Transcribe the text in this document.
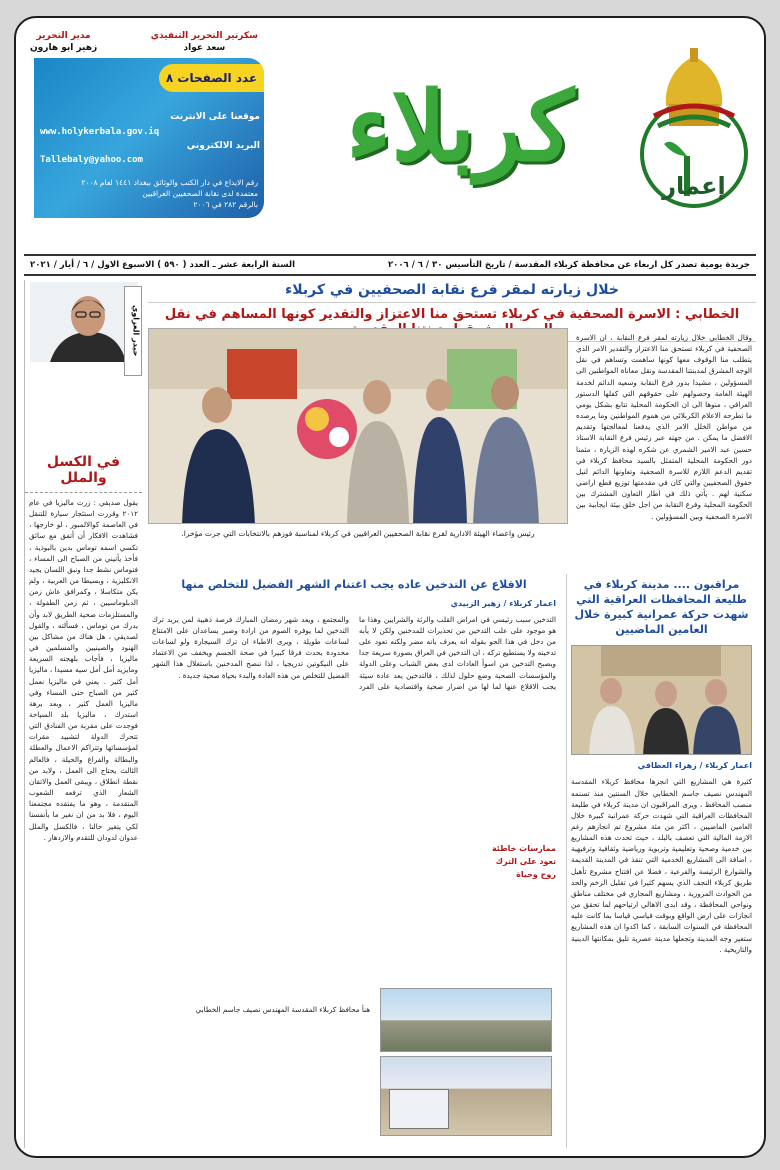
سكرتير التحرير التنفيذي
سعد عواد
مدير التحرير
زهير ابو هارون
عدد الصفحات ٨
موقعنا على الانترنت
www.holykerbala.gov.iq
البريد الالكتروني
Tallebaly@yahoo.com
رقم الايداع في دار الكتب والوثائق ببغداد ١٤٤١ لعام ٢٠٠٨
معتمدة لدى نقابة الصحفيين العراقيين
بالرقم ٢٨٢ في ٢٠٠٦
كربلاء
إعمار
جريدة يومية تصدر كل اربعاء عن محافظة كربلاء المقدسة / تاريخ التأسيس ٣٠ / ٦ / ٢٠٠٦
السنة الرابعة عشر ـ العدد ( ٥٩٠ ) الاسبوع الاول / ٦ / أيار / ٢٠٢١
حيدر العزاوي
في الكسل والملل

يقول صديقي : زرت ماليزيا في عام ٢٠١٢ وقررت استئجار سيارة للتنقل في العاصمة كوالالمبور ، لو خارجها ، فشاهدت الافكار أن أتفق مع سائق تكسي اسمه توماس بدين بالبوذية ، فأخذ يأتيني من الصباح الى المساء ، فتوماس نشط جدا ونبق اللسان يجيد الانكليزية ، وبسيطا من العربية ، ولم يكن متكاسلا ، وكمرافق عاش زمن الدبلوماسيين ، ثم زمن الطفولة ، والمستلزمات صحية الطريق لابد وأن يدرك من توماس ، فسألته ، والقول لصديقي ، هل هناك من مشاكل بين الهنود والصينيين والمسلمين في ماليزيا ، فأجاب بلهجته السريعة ومايزيد أمل أمل سيه مسيدا ، ماليزيا أمل كثير . يعني في ماليزيا نعمل كثير من الصباح حتى المساء وفي ماليزيا العمل كثير ، وبعد برهة استدرك ، ماليزيا بلد السياحة فوجدت على مقربة من الفنادق التي تتحرك الدولة لتشييد مقرات لمؤسساتها وتتراكم الاعمال والعطلة والبطالة والفراغ والحيلة ، فالعالم الثالث يحتاج الى العمل ، ولابد من نقطة انطلاق ، ويبقى العمل والاتقان الشعار الذي ترفعه الشعوب المتقدمة ، وهو ما يفتقده مجتمعنا اليوم ، فلا بد من ان نغير ما بأنفسنا لكي يتغير حالنا ، فالكسل والملل عدوان لدودان للتقدم والازدهار .

خلال زيارته لمقر فرع نقابة الصحفيين في كربلاء
الخطابي : الاسرة الصحفية في كربلاء تستحق منا الاعتزاز والتقدير كونها المساهم في نقل

وقال الخطابي خلال زيارته لمقر فرع النقابة ، ان الاسرة الصحفية في كربلاء تستحق منا الاعتزاز والتقدير الامر الذي يتطلب منا الوقوف معها كونها ساهمت وتساهم في نقل الوجه المشرق لمدينتنا المقدسة ونقل معاناة المواطنين الى المسؤولين ، مشيدا بدور فرع النقابة وسعيه الدائم لخدمة الهيئة العامة وحصولهم على حقوقهم التي كفلها الدستور العراقي ، منوها الى ان الحكومة المحلية تتابع بشكل يومي ما تطرحه الاعلام الكربلائي من هموم المواطنين وما يرصده من مواطن الخلل الامر الذي يدفعنا لمعالجتها وتقديم الافضل ما يمكن . من جهته عبر رئيس فرع النقابة الاستاذ حسين عبد الامير الشمري عن شكره لهذه الزيارة ، مثمنا دور الحكومة المحلية المتمثل بالسيد محافظ كربلاء في تقديم الدعم اللازم للاسرة الصحفية وتعاونها الدائم لنيل حقوق الصحفيين والتي كان في مقدمتها توزيع قطع اراضي سكنية لهم . يأتي ذلك في اطار التعاون المشترك بين الحكومة المحلية وفرع النقابة من اجل خلق بيئة ايجابية بين الاسرة الصحفية وبين المسؤولين .

رئيس واعضاء الهيئة الادارية لفرع نقابة الصحفيين العراقيين في كربلاء لمناسبة فوزهم بالانتخابات التي جرت مؤخرا.
مراقبون .... مدينة كربلاء في طليعة المحافظات العراقية التي شهدت حركة عمرانية كبيرة خلال العامين الماضيين
اعمار كربلاء / زهراء العطافي

كثيرة هي المشاريع التي انجزها محافظ كربلاء المقدسة المهندس نصيف جاسم الخطابي خلال السنتين منذ تسنمه منصب المحافظ ، ويرى المراقبون ان مدينة كربلاء في طليعة المحافظات العراقية التي شهدت حركة عمرانية كبيرة خلال العامين الماضيين ، اكثر من مئة مشروع تم انجازهم رغم الازمة المالية التي تعصف بالبلد ، حيث تحدث هذه المشاريع بين خدمية وصحية وتعليمية وتربوية ورياضية وثقافية وترفيهية ، اضافة الى المشاريع الخدمية التي تنفذ في المدينة القديمة والشوارع الرئيسة والفرعية ، فضلا عن افتتاح مشروع تأهيل طريق كربلاء النجف الذي يسهم كثيرا في تقليل الزخم والحد من الحوادث المرورية ، ومشاريع المجاري في مختلف مناطق ونواحي المحافظة ، وقد ابدى الاهالي ارتياحهم لما تحقق من انجازات على ارض الواقع وبوقت قياسي قياسا بما كانت عليه المحافظة في السنوات السابقة ، كما اكدوا ان هذه المشاريع ستغير وجه المدينة وتجعلها مدينة عصرية تليق بمكانتها الدينية والتاريخية .

الاقلاع عن التدخين عاده يجب اغتنام الشهر الفضيل للتخلص منها
اعمار كربلاء / زهير الزبيدي

التدخين سبب رئيسي في امراض القلب والرئة والشرايين وهذا ما هو موجود على علب التدخين من تحذيرات للمدخنين ولكن لا يأبه من دخل في هذا الجو بقوله انه يعرف بانه مضر ولكنه تعود على تدخينه ولا يستطيع تركه ، ان التدخين في العراق بصورة سريعة جدا ويصبح التدخين من اسوأ العادات لدى بعض الشباب وعلى الدولة والمؤسسات الصحية وضع حلول لذلك ، فالتدخين يعد عادة سيئة يجب الاقلاع عنها لما لها من اضرار صحية واقتصادية على الفرد والمجتمع ، ويعد شهر رمضان المبارك فرصة ذهبية لمن يريد ترك التدخين لما يوفره الصوم من ارادة وصبر يساعدان على الامتناع لساعات طويلة ، ويرى الاطباء ان ترك السيجارة ولو لساعات محدودة يحدث فرقا كبيرا في صحة الجسم ويخفف من الاعتماد على النيكوتين تدريجيا ، لذا ننصح المدخنين باستغلال هذا الشهر الفضيل للتخلص من هذه العادة والبدء بحياة صحية جديدة .

ممارسات خاطئة
تعود على الترك
روح وحياة

هنأ محافظ كربلاء المقدسة المهندس نصيف جاسم الخطابي
